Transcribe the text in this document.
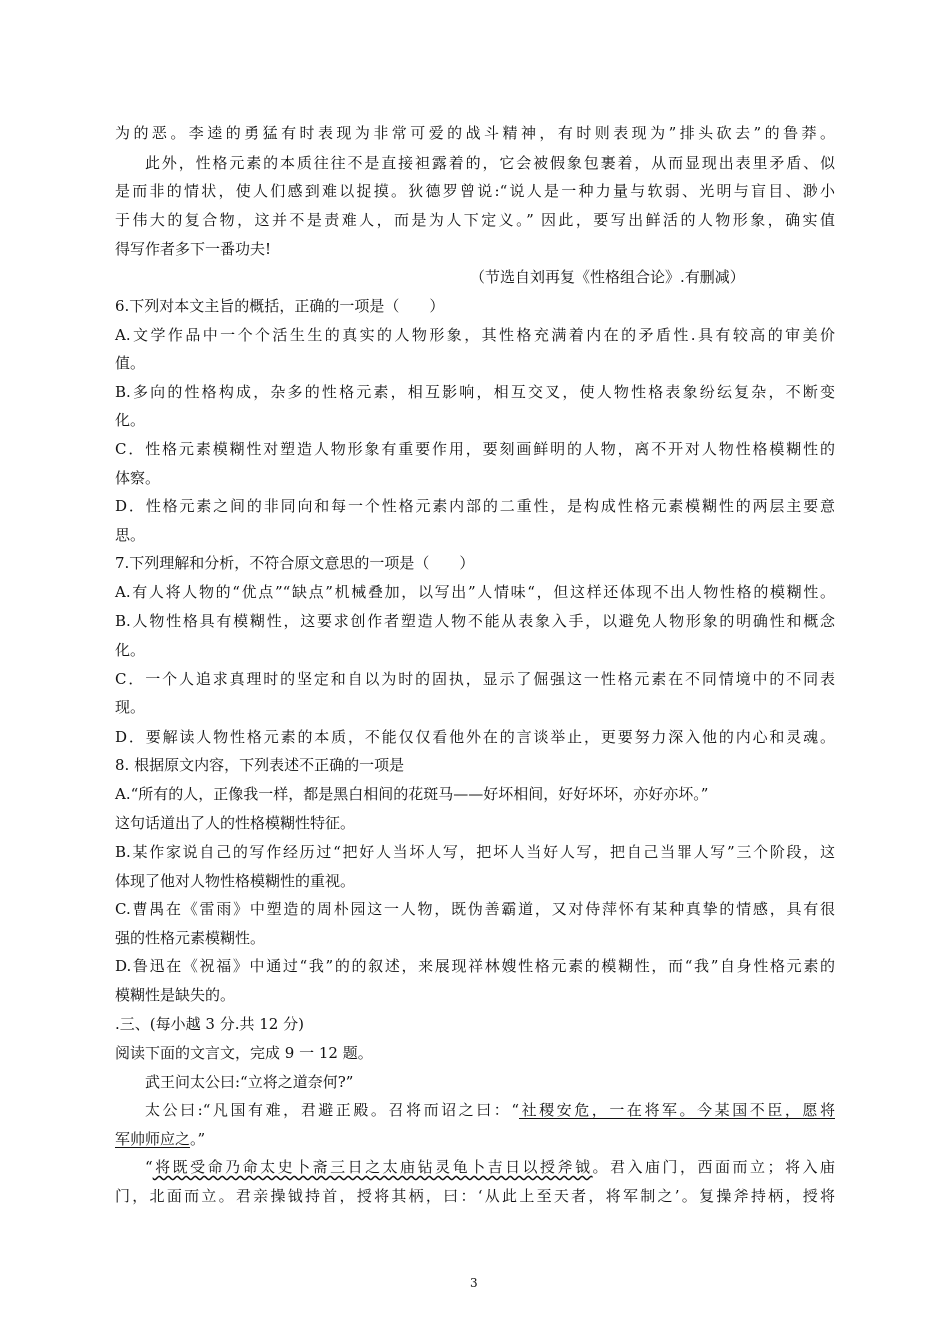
为的恶。李逵的勇猛有时表现为非常可爱的战斗精神，有时则表现为”排头砍去”的鲁莽。
此外，性格元素的本质往往不是直接袒露着的，它会被假象包裹着，从而显现出表里矛盾、似
是而非的情状，使人们感到难以捉摸。狄德罗曾说:“说人是一种力量与软弱、光明与盲目、渺小
于伟大的复合物，这并不是责难人，而是为人下定义。” 因此，要写出鲜活的人物形象，确实值
得写作者多下一番功夫!
（节选自刘再复《性格组合论》.有删减）
6.下列对本文主旨的概括，正确的一项是（　　）
A.文学作品中一个个活生生的真实的人物形象，其性格充满着内在的矛盾性.具有较高的审美价
值。
B.多向的性格构成，杂多的性格元素，相互影响，相互交叉，使人物性格表象纷纭复杂，不断变
化。
C．性格元素模糊性对塑造人物形象有重要作用，要刻画鲜明的人物，离不开对人物性格模糊性的
体察。
D．性格元素之间的非同向和每一个性格元素内部的二重性，是构成性格元素模糊性的两层主要意
思。
7.下列理解和分析，不符合原文意思的一项是（　　）
A.有人将人物的“优点”“缺点”机械叠加，以写出”人情味“，但这样还体现不出人物性格的模糊性。
B.人物性格具有模糊性，这要求创作者塑造人物不能从表象入手，以避免人物形象的明确性和概念
化。
C．一个人追求真理时的坚定和自以为时的固执，显示了倔强这一性格元素在不同情境中的不同表
现。
D．要解读人物性格元素的本质，不能仅仅看他外在的言谈举止，更要努力深入他的内心和灵魂。
8. 根据原文内容，下列表述不正确的一项是
A.“所有的人，正像我一样，都是黑白相间的花斑马——好坏相间，好好坏坏，亦好亦坏。”
这句话道出了人的性格模糊性特征。
B.某作家说自己的写作经历过“把好人当坏人写，把坏人当好人写，把自己当罪人写”三个阶段，这
体现了他对人物性格模糊性的重视。
C.曹禺在《雷雨》中塑造的周朴园这一人物，既伪善霸道，又对侍萍怀有某种真挚的情感，具有很
强的性格元素模糊性。
D.鲁迅在《祝福》中通过“我”的的叙述，来展现祥林嫂性格元素的模糊性，而“我”自身性格元素的
模糊性是缺失的。
.三、(每小越 3 分.共 12 分)
阅读下面的文言文，完成 9 一 12 题。
武王问太公曰:“立将之道奈何?”
太公曰:“凡国有难，君避正殿。召将而诏之曰：“社稷安危，一在将军。今某国不臣，愿将
军帅师应之。”
“将既受命乃命太史卜斋三日之太庙钻灵龟卜吉日以授斧钺。君入庙门，西面而立；将入庙
门，北面而立。君亲操钺持首，授将其柄，曰：‘从此上至天者，将军制之’。复操斧持柄，授将
3
